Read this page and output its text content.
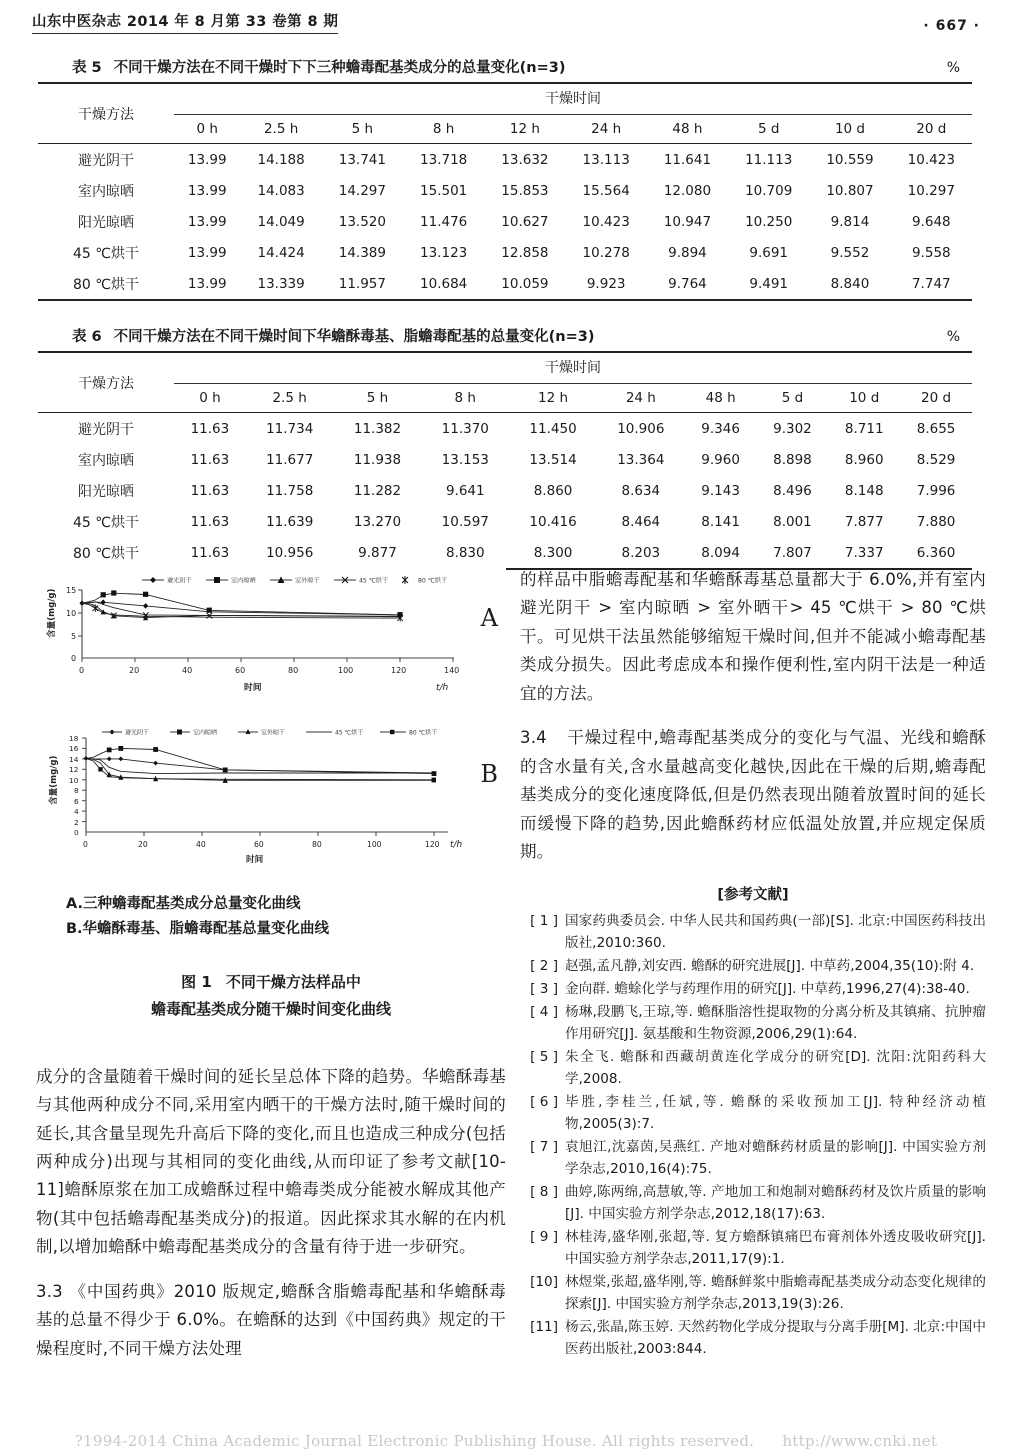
山东中医杂志 2014 年 8 月第 33 卷第 8 期	· 667 ·
表 5 不同干燥方法在不同干燥时下下三种蟾毒配基类成分的总量变化(n=3)	%
干燥方法	干燥时间									
	0 h	2.5 h	5 h	8 h	12 h	24 h	48 h	5 d	10 d	20 d
避光阴干	13.99	14.188	13.741	13.718	13.632	13.113	11.641	11.113	10.559	10.423
室内晾晒	13.99	14.083	14.297	15.501	15.853	15.564	12.080	10.709	10.807	10.297
阳光晾晒	13.99	14.049	13.520	11.476	10.627	10.423	10.947	10.250	9.814	9.648
45 ℃烘干	13.99	14.424	14.389	13.123	12.858	10.278	9.894	9.691	9.552	9.558
80 ℃烘干	13.99	13.339	11.957	10.684	10.059	9.923	9.764	9.491	8.840	7.747
表 6 不同干燥方法在不同干燥时间下华蟾酥毒基、脂蟾毒配基的总量变化(n=3)	%
干燥方法	干燥时间									
	0 h	2.5 h	5 h	8 h	12 h	24 h	48 h	5 d	10 d	20 d
避光阴干	11.63	11.734	11.382	11.370	11.450	10.906	9.346	9.302	8.711	8.655
室内晾晒	11.63	11.677	11.938	13.153	13.514	13.364	9.960	8.898	8.960	8.529
阳光晾晒	11.63	11.758	11.282	9.641	8.860	8.634	9.143	8.496	8.148	7.996
45 ℃烘干	11.63	11.639	13.270	10.597	10.416	8.464	8.141	8.001	7.877	7.880
80 ℃烘干	11.63	10.956	9.877	8.830	8.300	8.203	8.094	7.807	7.337	6.360
A
避光阴干	室内晾晒	室外晾干	45 ℃烘干	80 ℃烘干
15
10
5
0
含量(mg/g)
0	20	40	60	80	100	120	140
时间	t/h
B
避光阴干	室内晾晒	室外晾干	45 ℃烘干	80 ℃烘干
18
16
14
12
10
8
6
4
2
0
含量(mg/g)
0	20	40	60	80	100	120
时间
t/h
A.三种蟾毒配基类成分总量变化曲线
B.华蟾酥毒基、脂蟾毒配基总量变化曲线
图 1 不同干燥方法样品中
蟾毒配基类成分随干燥时间变化曲线

成分的含量随着干燥时间的延长呈总体下降的趋势。华蟾酥毒基与其他两种成分不同,采用室内晒干的干燥方法时,随干燥时间的延长,其含量呈现先升高后下降的变化,而且也造成三种成分(包括两种成分)出现与其相同的变化曲线,从而印证了参考文献[10-11]蟾酥原浆在加工成蟾酥过程中蟾毒类成分能被水解成其他产物(其中包括蟾毒配基类成分)的报道。因此探求其水解的在内机制,以增加蟾酥中蟾毒配基类成分的含量有待于进一步研究。

3.3 《中国药典》2010 版规定,蟾酥含脂蟾毒配基和华蟾酥毒基的总量不得少于 6.0%。在蟾酥的达到《中国药典》规定的干燥程度时,不同干燥方法处理

的样品中脂蟾毒配基和华蟾酥毒基总量都大于 6.0%,并有室内避光阴干 > 室内晾晒 > 室外晒干> 45 ℃烘干 > 80 ℃烘干。可见烘干法虽然能够缩短干燥时间,但并不能减小蟾毒配基类成分损失。因此考虑成本和操作便利性,室内阴干法是一种适宜的方法。

3.4 干燥过程中,蟾毒配基类成分的变化与气温、光线和蟾酥的含水量有关,含水量越高变化越快,因此在干燥的后期,蟾毒配基类成分的变化速度降低,但是仍然表现出随着放置时间的延长而缓慢下降的趋势,因此蟾酥药材应低温处放置,并应规定保质期。

[参考文献]
[ 1 ] 国家药典委员会. 中华人民共和国药典(一部)[S]. 北京:中国医药科技出版社,2010:360.
[ 2 ] 赵强,孟凡静,刘安西. 蟾酥的研究进展[J]. 中草药,2004,35(10):附 4.
[ 3 ] 金向群. 蟾蜍化学与药理作用的研究[J]. 中草药,1996,27(4):38-40.
[ 4 ] 杨琳,段鹏飞,王琼,等. 蟾酥脂溶性提取物的分离分析及其镇痛、抗肿瘤作用研究[J]. 氨基酸和生物资源,2006,29(1):64.
[ 5 ] 朱全飞. 蟾酥和西藏胡黄连化学成分的研究[D]. 沈阳:沈阳药科大学,2008.
[ 6 ] 毕胜,李桂兰,任斌,等. 蟾酥的采收预加工[J]. 特种经济动植物,2005(3):7.
[ 7 ] 袁旭江,沈嘉茵,吴燕红. 产地对蟾酥药材质量的影响[J]. 中国实验方剂学杂志,2010,16(4):75.
[ 8 ] 曲婷,陈两绵,高慧敏,等. 产地加工和炮制对蟾酥药材及饮片质量的影响[J]. 中国实验方剂学杂志,2012,18(17):63.
[ 9 ] 林桂涛,盛华刚,张超,等. 复方蟾酥镇痛巴布膏剂体外透皮吸收研究[J]. 中国实验方剂学杂志,2011,17(9):1.
[10] 林煜棠,张超,盛华刚,等. 蟾酥鲜浆中脂蟾毒配基类成分动态变化规律的探索[J]. 中国实验方剂学杂志,2013,19(3):26.
[11] 杨云,张晶,陈玉婷. 天然药物化学成分提取与分离手册[M]. 北京:中国中医药出版社,2003:844.
?1994-2014 China Academic Journal Electronic Publishing House. All rights reserved. http://www.cnki.net
